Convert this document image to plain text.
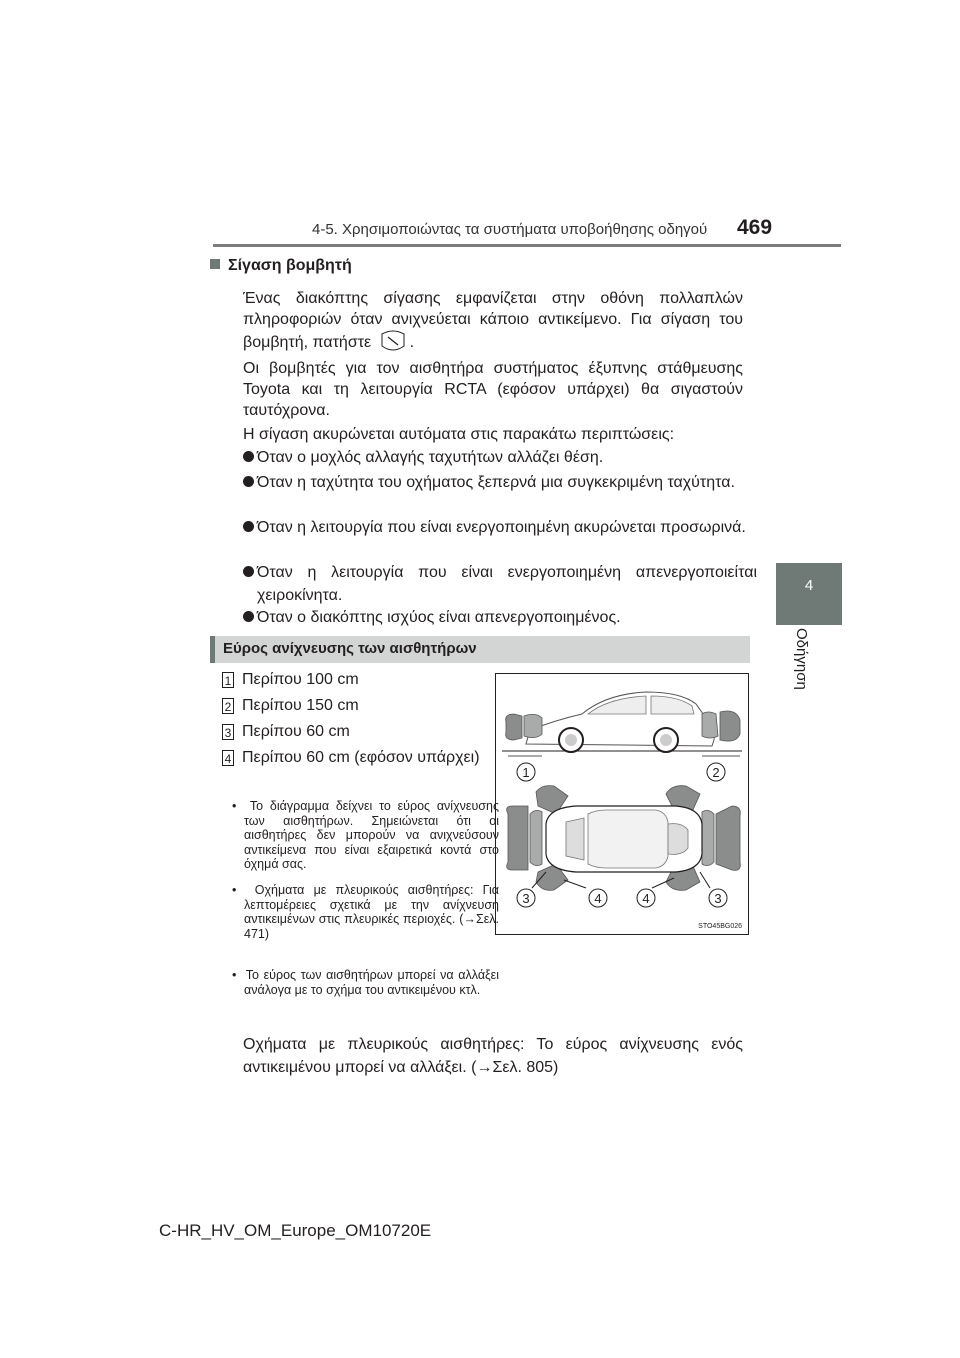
4-5. Χρησιμοποιώντας τα συστήματα υποβοήθησης οδηγού 469
4
Οδήγηση
Σίγαση βομβητή
Ένας διακόπτης σίγασης εμφανίζεται στην οθόνη πολλαπλών πληροφοριών όταν ανιχνεύεται κάποιο αντικείμενο. Για σίγαση του βομβητή, πατήστε .
Οι βομβητές για τον αισθητήρα συστήματος έξυπνης στάθμευσης Toyota και τη λειτουργία RCTA (εφόσον υπάρχει) θα σιγαστούν ταυτόχρονα.
Η σίγαση ακυρώνεται αυτόματα στις παρακάτω περιπτώσεις:
Όταν ο μοχλός αλλαγής ταχυτήτων αλλάζει θέση.
Όταν η ταχύτητα του οχήματος ξεπερνά μια συγκεκριμένη ταχύτητα.
Όταν η λειτουργία που είναι ενεργοποιημένη ακυρώνεται προσωρινά.
Όταν η λειτουργία που είναι ενεργοποιημένη απενεργοποιείται χειροκίνητα.
Όταν ο διακόπτης ισχύος είναι απενεργοποιημένος.
Εύρος ανίχνευσης των αισθητήρων
1 Περίπου 100 cm
2 Περίπου 150 cm
3 Περίπου 60 cm
4 Περίπου 60 cm (εφόσον υπάρχει)
•  Το διάγραμμα δείχνει το εύρος ανίχνευσης των αισθητήρων. Σημειώνεται ότι οι αισθητήρες δεν μπορούν να ανιχνεύσουν αντικείμενα που είναι εξαιρετικά κοντά στο όχημά σας.
•  Οχήματα με πλευρικούς αισθητήρες: Για λεπτομέρειες σχετικά με την ανίχνευση αντικειμένων στις πλευρικές περιοχές. (→Σελ. 471)
•  Το εύρος των αισθητήρων μπορεί να αλλάξει ανάλογα με το σχήμα του αντικειμένου κτλ.
Οχήματα με πλευρικούς αισθητήρες: Το εύρος ανίχνευσης ενός αντικειμένου μπορεί να αλλάξει. (→Σελ. 805)
1	2
3	4	4	3
STO45BG026
C-HR_HV_OM_Europe_OM10720E
